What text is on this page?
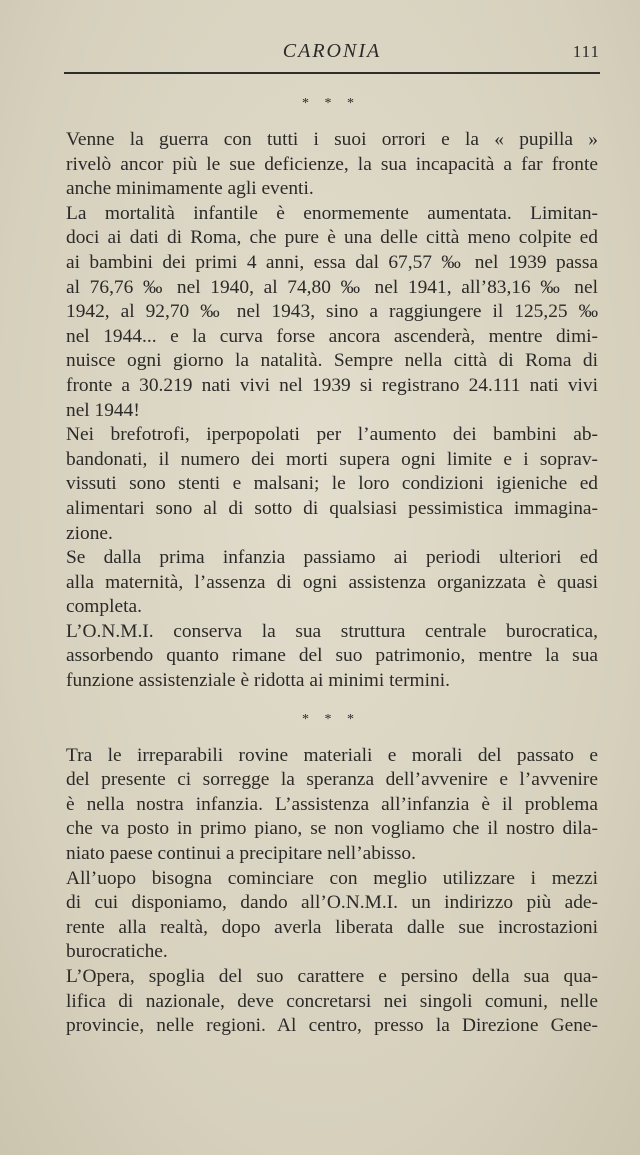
CARONIA	111
* * *

Venne la guerra con tutti i suoi orrori e la « pupilla »
rivelò ancor più le sue deficienze, la sua incapacità a far fronte
anche minimamente agli eventi.

La mortalità infantile è enormemente aumentata. Limitan-
doci ai dati di Roma, che pure è una delle città meno colpite ed
ai bambini dei primi 4 anni, essa dal 67,57 ‰ nel 1939 passa
al 76,76 ‰ nel 1940, al 74,80 ‰ nel 1941, all’83,16 ‰ nel
1942, al 92,70 ‰ nel 1943, sino a raggiungere il 125,25 ‰
nel 1944... e la curva forse ancora ascenderà, mentre dimi-
nuisce ogni giorno la natalità. Sempre nella città di Roma di
fronte a 30.219 nati vivi nel 1939 si registrano 24.111 nati vivi
nel 1944!

Nei brefotrofi, iperpopolati per l’aumento dei bambini ab-
bandonati, il numero dei morti supera ogni limite e i soprav-
vissuti sono stenti e malsani; le loro condizioni igieniche ed
alimentari sono al di sotto di qualsiasi pessimistica immagina-
zione.

Se dalla prima infanzia passiamo ai periodi ulteriori ed
alla maternità, l’assenza di ogni assistenza organizzata è quasi
completa.

L’O.N.M.I. conserva la sua struttura centrale burocratica,
assorbendo quanto rimane del suo patrimonio, mentre la sua
funzione assistenziale è ridotta ai minimi termini.

* * *

Tra le irreparabili rovine materiali e morali del passato e
del presente ci sorregge la speranza dell’avvenire e l’avvenire
è nella nostra infanzia. L’assistenza all’infanzia è il problema
che va posto in primo piano, se non vogliamo che il nostro dila-
niato paese continui a precipitare nell’abisso.

All’uopo bisogna cominciare con meglio utilizzare i mezzi
di cui disponiamo, dando all’O.N.M.I. un indirizzo più ade-
rente alla realtà, dopo averla liberata dalle sue incrostazioni
burocratiche.

L’Opera, spoglia del suo carattere e persino della sua qua-
lifica di nazionale, deve concretarsi nei singoli comuni, nelle
provincie, nelle regioni. Al centro, presso la Direzione Gene-
